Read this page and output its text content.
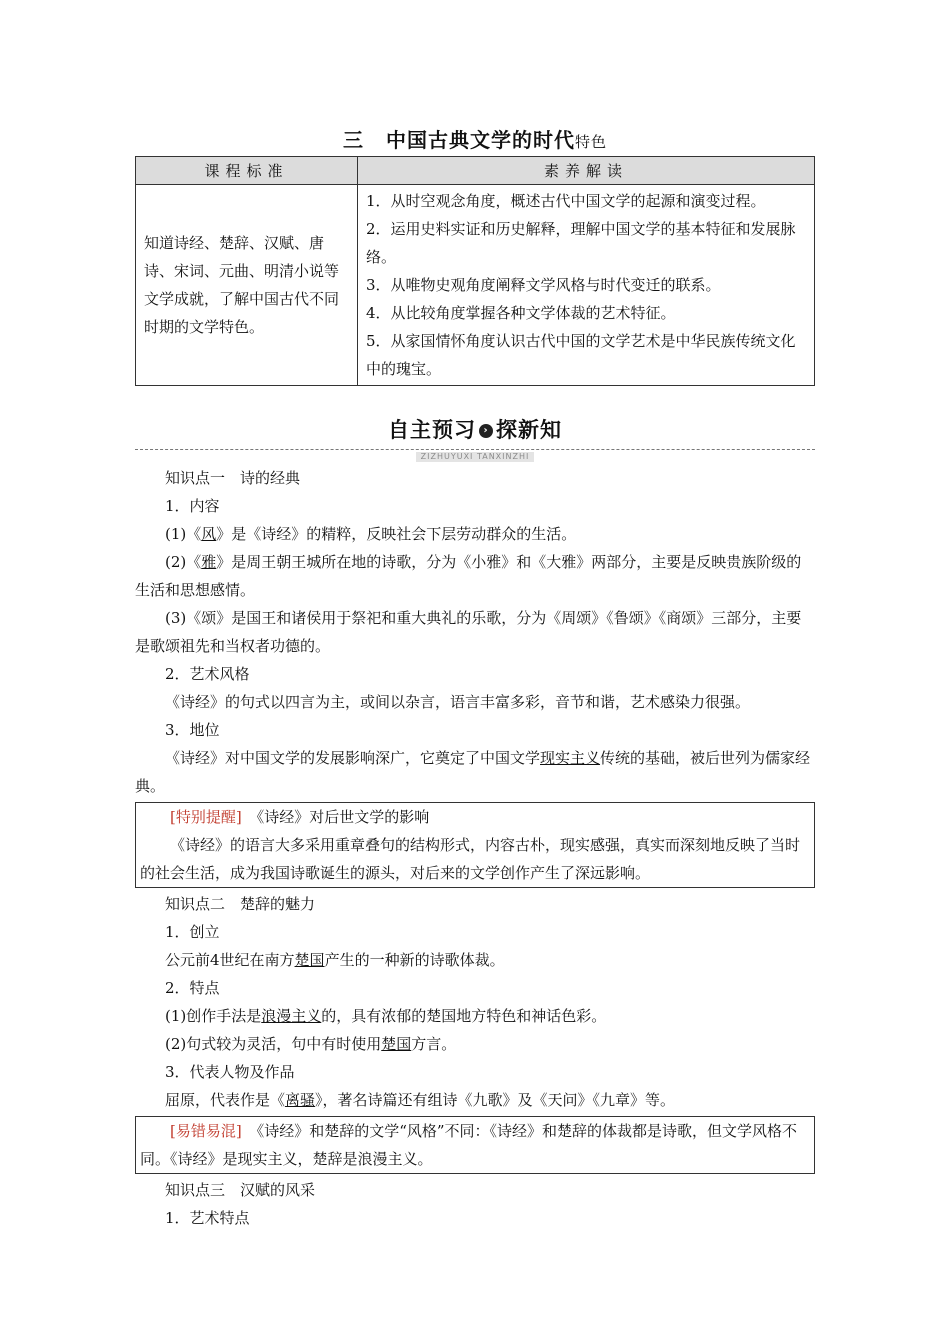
三 中国古典文学的时代特色
课程标准	素养解读
知道诗经、楚辞、汉赋、唐诗、宋词、元曲、明清小说等文学成就，了解中国古代不同时期的文学特色。	1．从时空观念角度，概述古代中国文学的起源和演变过程。
2．运用史料实证和历史解释，理解中国文学的基本特征和发展脉络。
3．从唯物史观角度阐释文学风格与时代变迁的联系。
4．从比较角度掌握各种文学体裁的艺术特征。
5．从家国情怀角度认识古代中国的文学艺术是中华民族传统文化中的瑰宝。
自主预习 › 探新知
ZIZHUYUXI TANXINZHI

知识点一　诗的经典

1．内容

(1)《风》是《诗经》的精粹，反映社会下层劳动群众的生活。

(2)《雅》是周王朝王城所在地的诗歌，分为《小雅》和《大雅》两部分，主要是反映贵族阶级的生活和思想感情。

(3)《颂》是国王和诸侯用于祭祀和重大典礼的乐歌，分为《周颂》《鲁颂》《商颂》三部分，主要是歌颂祖先和当权者功德的。

2．艺术风格

《诗经》的句式以四言为主，或间以杂言，语言丰富多彩，音节和谐，艺术感染力很强。

3．地位

《诗经》对中国文学的发展影响深广，它奠定了中国文学现实主义传统的基础，被后世列为儒家经典。

[特别提醒]　《诗经》对后世文学的影响

《诗经》的语言大多采用重章叠句的结构形式，内容古朴，现实感强，真实而深刻地反映了当时的社会生活，成为我国诗歌诞生的源头，对后来的文学创作产生了深远影响。

知识点二　楚辞的魅力

1．创立

公元前4世纪在南方楚国产生的一种新的诗歌体裁。

2．特点

(1)创作手法是浪漫主义的，具有浓郁的楚国地方特色和神话色彩。

(2)句式较为灵活，句中有时使用楚国方言。

3．代表人物及作品

屈原，代表作是《离骚》，著名诗篇还有组诗《九歌》及《天问》《九章》等。

[易错易混]　《诗经》和楚辞的文学“风格”不同：《诗经》和楚辞的体裁都是诗歌，但文学风格不同。《诗经》是现实主义，楚辞是浪漫主义。

知识点三　汉赋的风采

1．艺术特点
